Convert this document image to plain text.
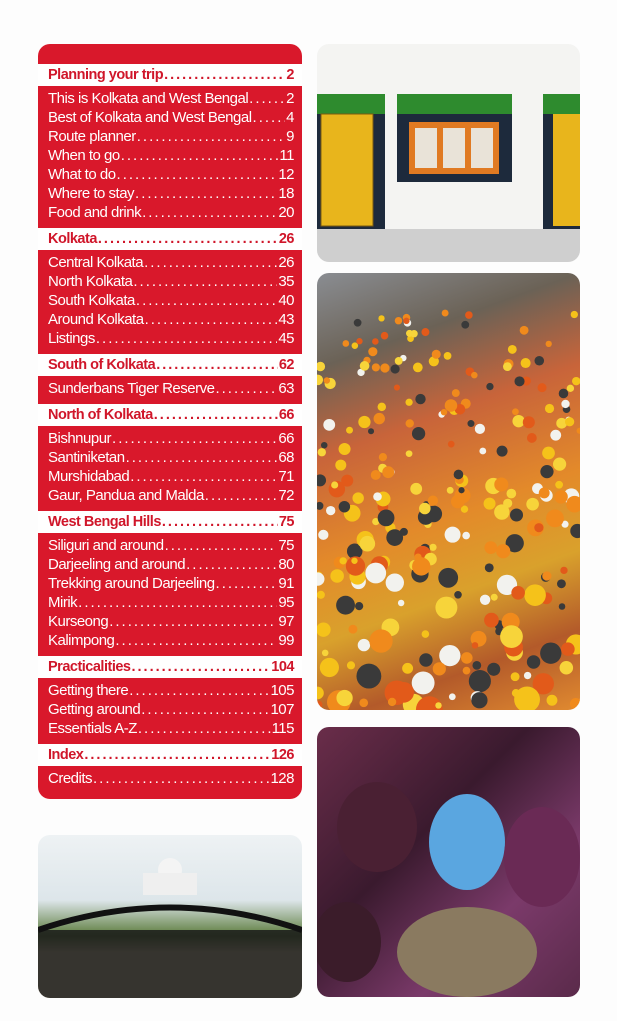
Planning your trip .....	2
This is Kolkata and West Bengal .....	2
Best of Kolkata and West Bengal ..... 4
Route planner .....	9
When to go .....	11
What to do .....	12
Where to stay .....	18
Food and drink .....	20
Kolkata .....	26
Central Kolkata .....	26
North Kolkata .....	35
South Kolkata .....	40
Around Kolkata .....	43
Listings .....	45
South of Kolkata .....	62
Sunderbans Tiger Reserve .....	63
North of Kolkata .....	66
Bishnupur .....	66
Santiniketan .....	68
Murshidabad .....	71
Gaur, Pandua and Malda .....	72
West Bengal Hills .....	75
Siliguri and around .....	75
Darjeeling and around .....	80
Trekking around Darjeeling .....	91
Mirik .....	95
Kurseong .....	97
Kalimpong .....	99
Practicalities .....	104
Getting there .....	105
Getting around .....	107
Essentials A-Z .....	115
Index .....	126
Credits .....	128
